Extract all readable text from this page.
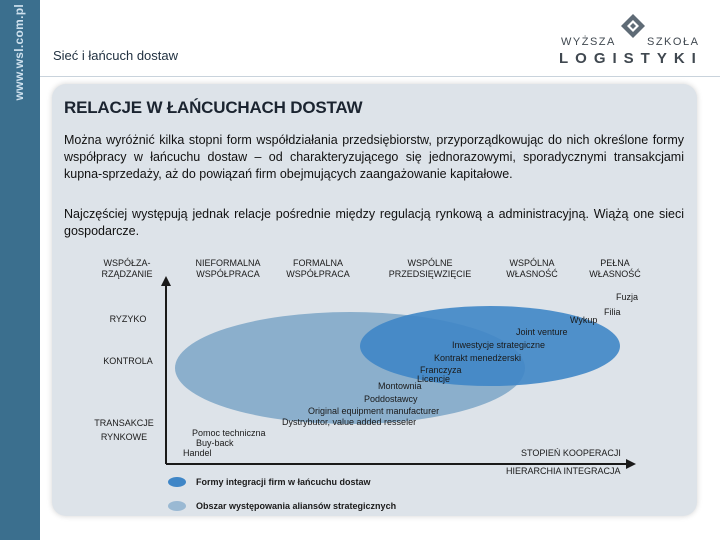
www.wsl.com.pl Sieć i łańcuch dostaw
WYŻSZA	SZKOŁA
LOGISTYKI
RELACJE W ŁAŃCUCHACH DOSTAW
Można wyróżnić kilka stopni form współdziałania przedsiębiorstw, przyporządkowując do nich określone formy współpracy w łańcuchu dostaw – od charakteryzującego się jednorazowymi, sporadycznymi transakcjami kupna-sprzedaży, aż do powiązań firm obejmujących zaangażowanie kapitałowe.
Najczęściej występują jednak relacje pośrednie między regulacją rynkową a administracyjną. Wiążą one sieci gospodarcze.
WSPÓŁZA-
RZĄDZANIE
NIEFORMALNA
WSPÓŁPRACA
FORMALNA
WSPÓŁPRACA
WSPÓLNE
PRZEDSIĘWZIĘCIE
WSPÓLNA
WŁASNOŚĆ
PEŁNA
WŁASNOŚĆ
RYZYKO
KONTROLA
TRANSAKCJE
RYNKOWE
Fuzja
Filia
Wykup
Joint venture
Inwestycje strategiczne
Kontrakt menedżerski
Franczyza
Licencje
Montownia
Poddostawcy
Original equipment manufacturer
Dystrybutor, value added resseler
Pomoc techniczna
Buy-back
Handel	STOPIEŃ KOOPERACJI
HIERARCHIA INTEGRACJA
Formy integracji firm w łańcuchu dostaw
Obszar występowania aliansów strategicznych
